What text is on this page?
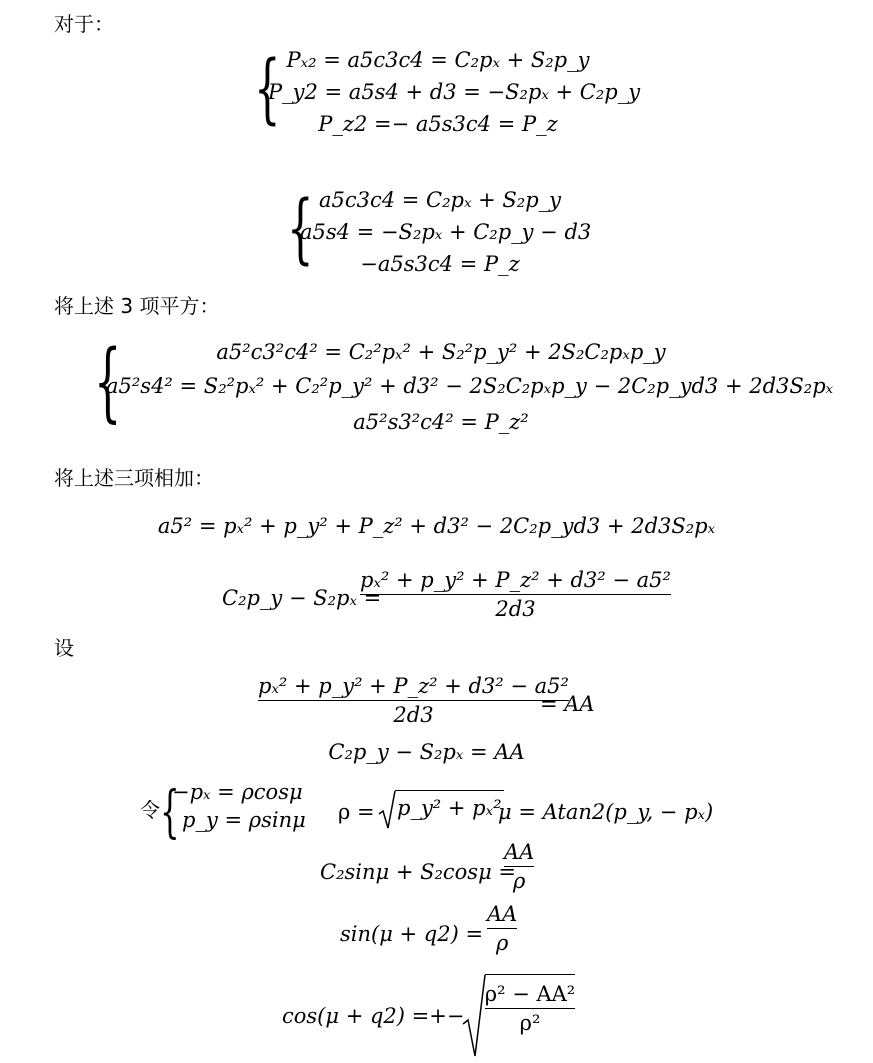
对于：
{ Pₓ₂ = a5c3c4 = C₂pₓ + S₂p_y
P_y2 = a5s4 + d3 = −S₂pₓ + C₂p_y
P_z2 =− a5s3c4 = P_z
{ a5c3c4 = C₂pₓ + S₂p_y
a5s4 = −S₂pₓ + C₂p_y − d3
−a5s3c4 = P_z
将上述 3 项平方：
{	a5²c3²c4² = C₂²pₓ² + S₂²p_y² + 2S₂C₂pₓp_y
a5²s4² = S₂²pₓ² + C₂²p_y² + d3² − 2S₂C₂pₓp_y − 2C₂p_yd3 + 2d3S₂pₓ
a5²s3²c4² = P_z²
将上述三项相加：
a5² = pₓ² + p_y² + P_z² + d3² − 2C₂p_yd3 + 2d3S₂pₓ
C₂p_y − S₂pₓ =
pₓ² + p_y² + P_z² + d3² − a5²
2d3
设
pₓ² + p_y² + P_z² + d3² − a5²
2d3	= AA
C₂p_y − S₂pₓ = AA
令 {
−pₓ = ρcosμ
p_y = ρsinμ ρ = p_y² + pₓ²
μ = Atan2(p_y, − pₓ)
C₂sinμ + S₂cosμ =
AA
ρ
sin(μ + q2) =
AA
ρ
cos(μ + q2) =+−
ρ² − AA²
ρ²
